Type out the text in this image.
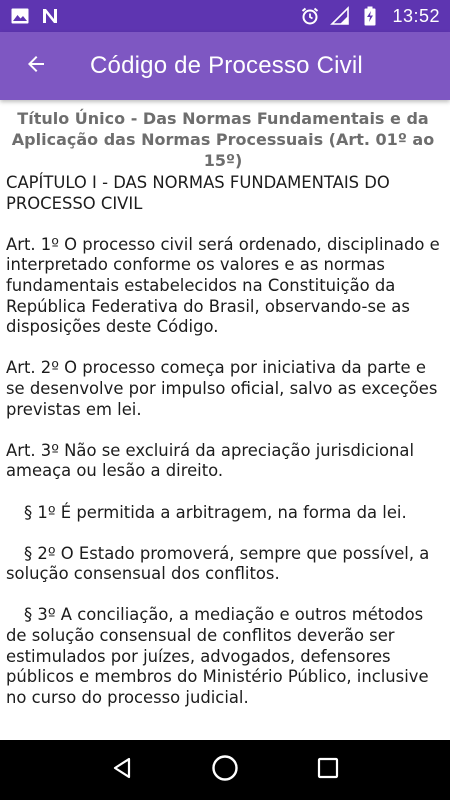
13:52
Código de Processo Civil
Título Único - Das Normas Fundamentais e da Aplicação das Normas Processuais (Art. 01º ao 15º)
CAPÍTULO I - DAS NORMAS FUNDAMENTAIS DO PROCESSO CIVIL
Art. 1º O processo civil será ordenado, disciplinado e interpretado conforme os valores e as normas fundamentais estabelecidos na Constituição da República Federativa do Brasil, observando-se as disposições deste Código.
Art. 2º O processo começa por iniciativa da parte e se desenvolve por impulso oficial, salvo as exceções previstas em lei.
Art. 3º Não se excluirá da apreciação jurisdicional ameaça ou lesão a direito.
§ 1º É permitida a arbitragem, na forma da lei.
§ 2º O Estado promoverá, sempre que possível, a solução consensual dos conflitos.
§ 3º A conciliação, a mediação e outros métodos de solução consensual de conflitos deverão ser estimulados por juízes, advogados, defensores públicos e membros do Ministério Público, inclusive no curso do processo judicial.
